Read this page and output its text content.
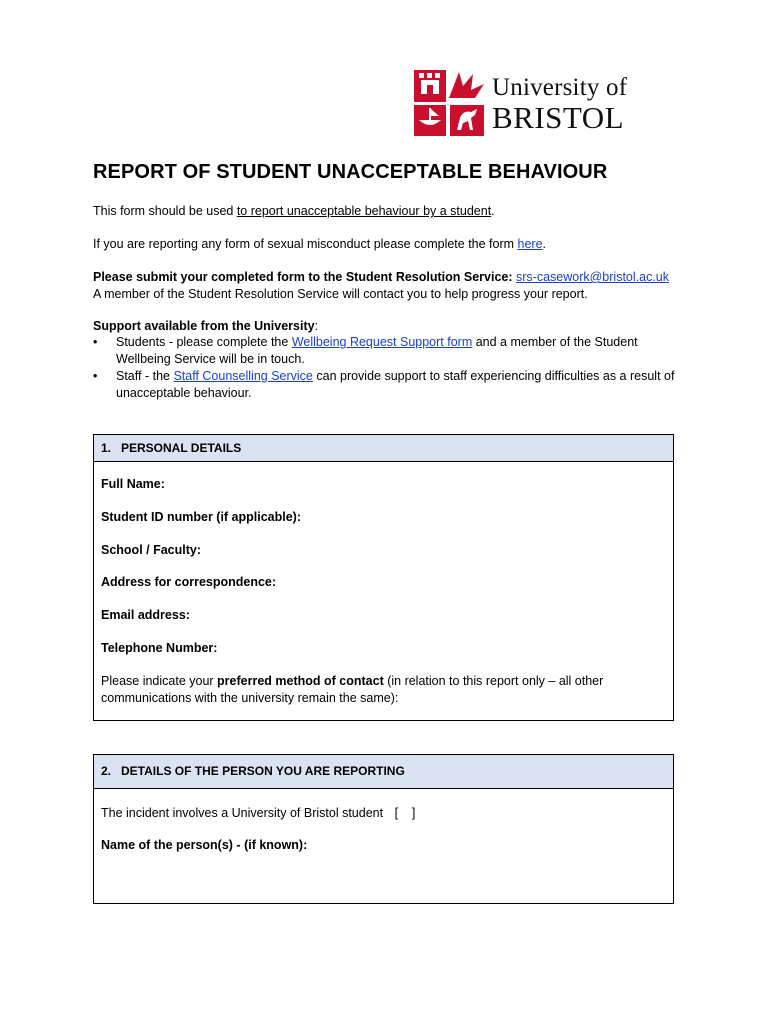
University of
BRISTOL
REPORT OF STUDENT UNACCEPTABLE BEHAVIOUR
This form should be used to report unacceptable behaviour by a student.
If you are reporting any form of sexual misconduct please complete the form here.
Please submit your completed form to the Student Resolution Service: srs-casework@bristol.ac.uk
A member of the Student Resolution Service will contact you to help progress your report.
Support available from the University:
• Students - please complete the Wellbeing Request Support form and a member of the Student Wellbeing Service will be in touch.
• Staff - the Staff Counselling Service can provide support to staff experiencing difficulties as a result of unacceptable behaviour.
1. PERSONAL DETAILS
Full Name:
Student ID number (if applicable):
School / Faculty:
Address for correspondence:
Email address:
Telephone Number:
Please indicate your preferred method of contact (in relation to this report only – all other communications with the university remain the same):
2. DETAILS OF THE PERSON YOU ARE REPORTING
The incident involves a University of Bristol student [    ]
Name of the person(s) - (if known):
